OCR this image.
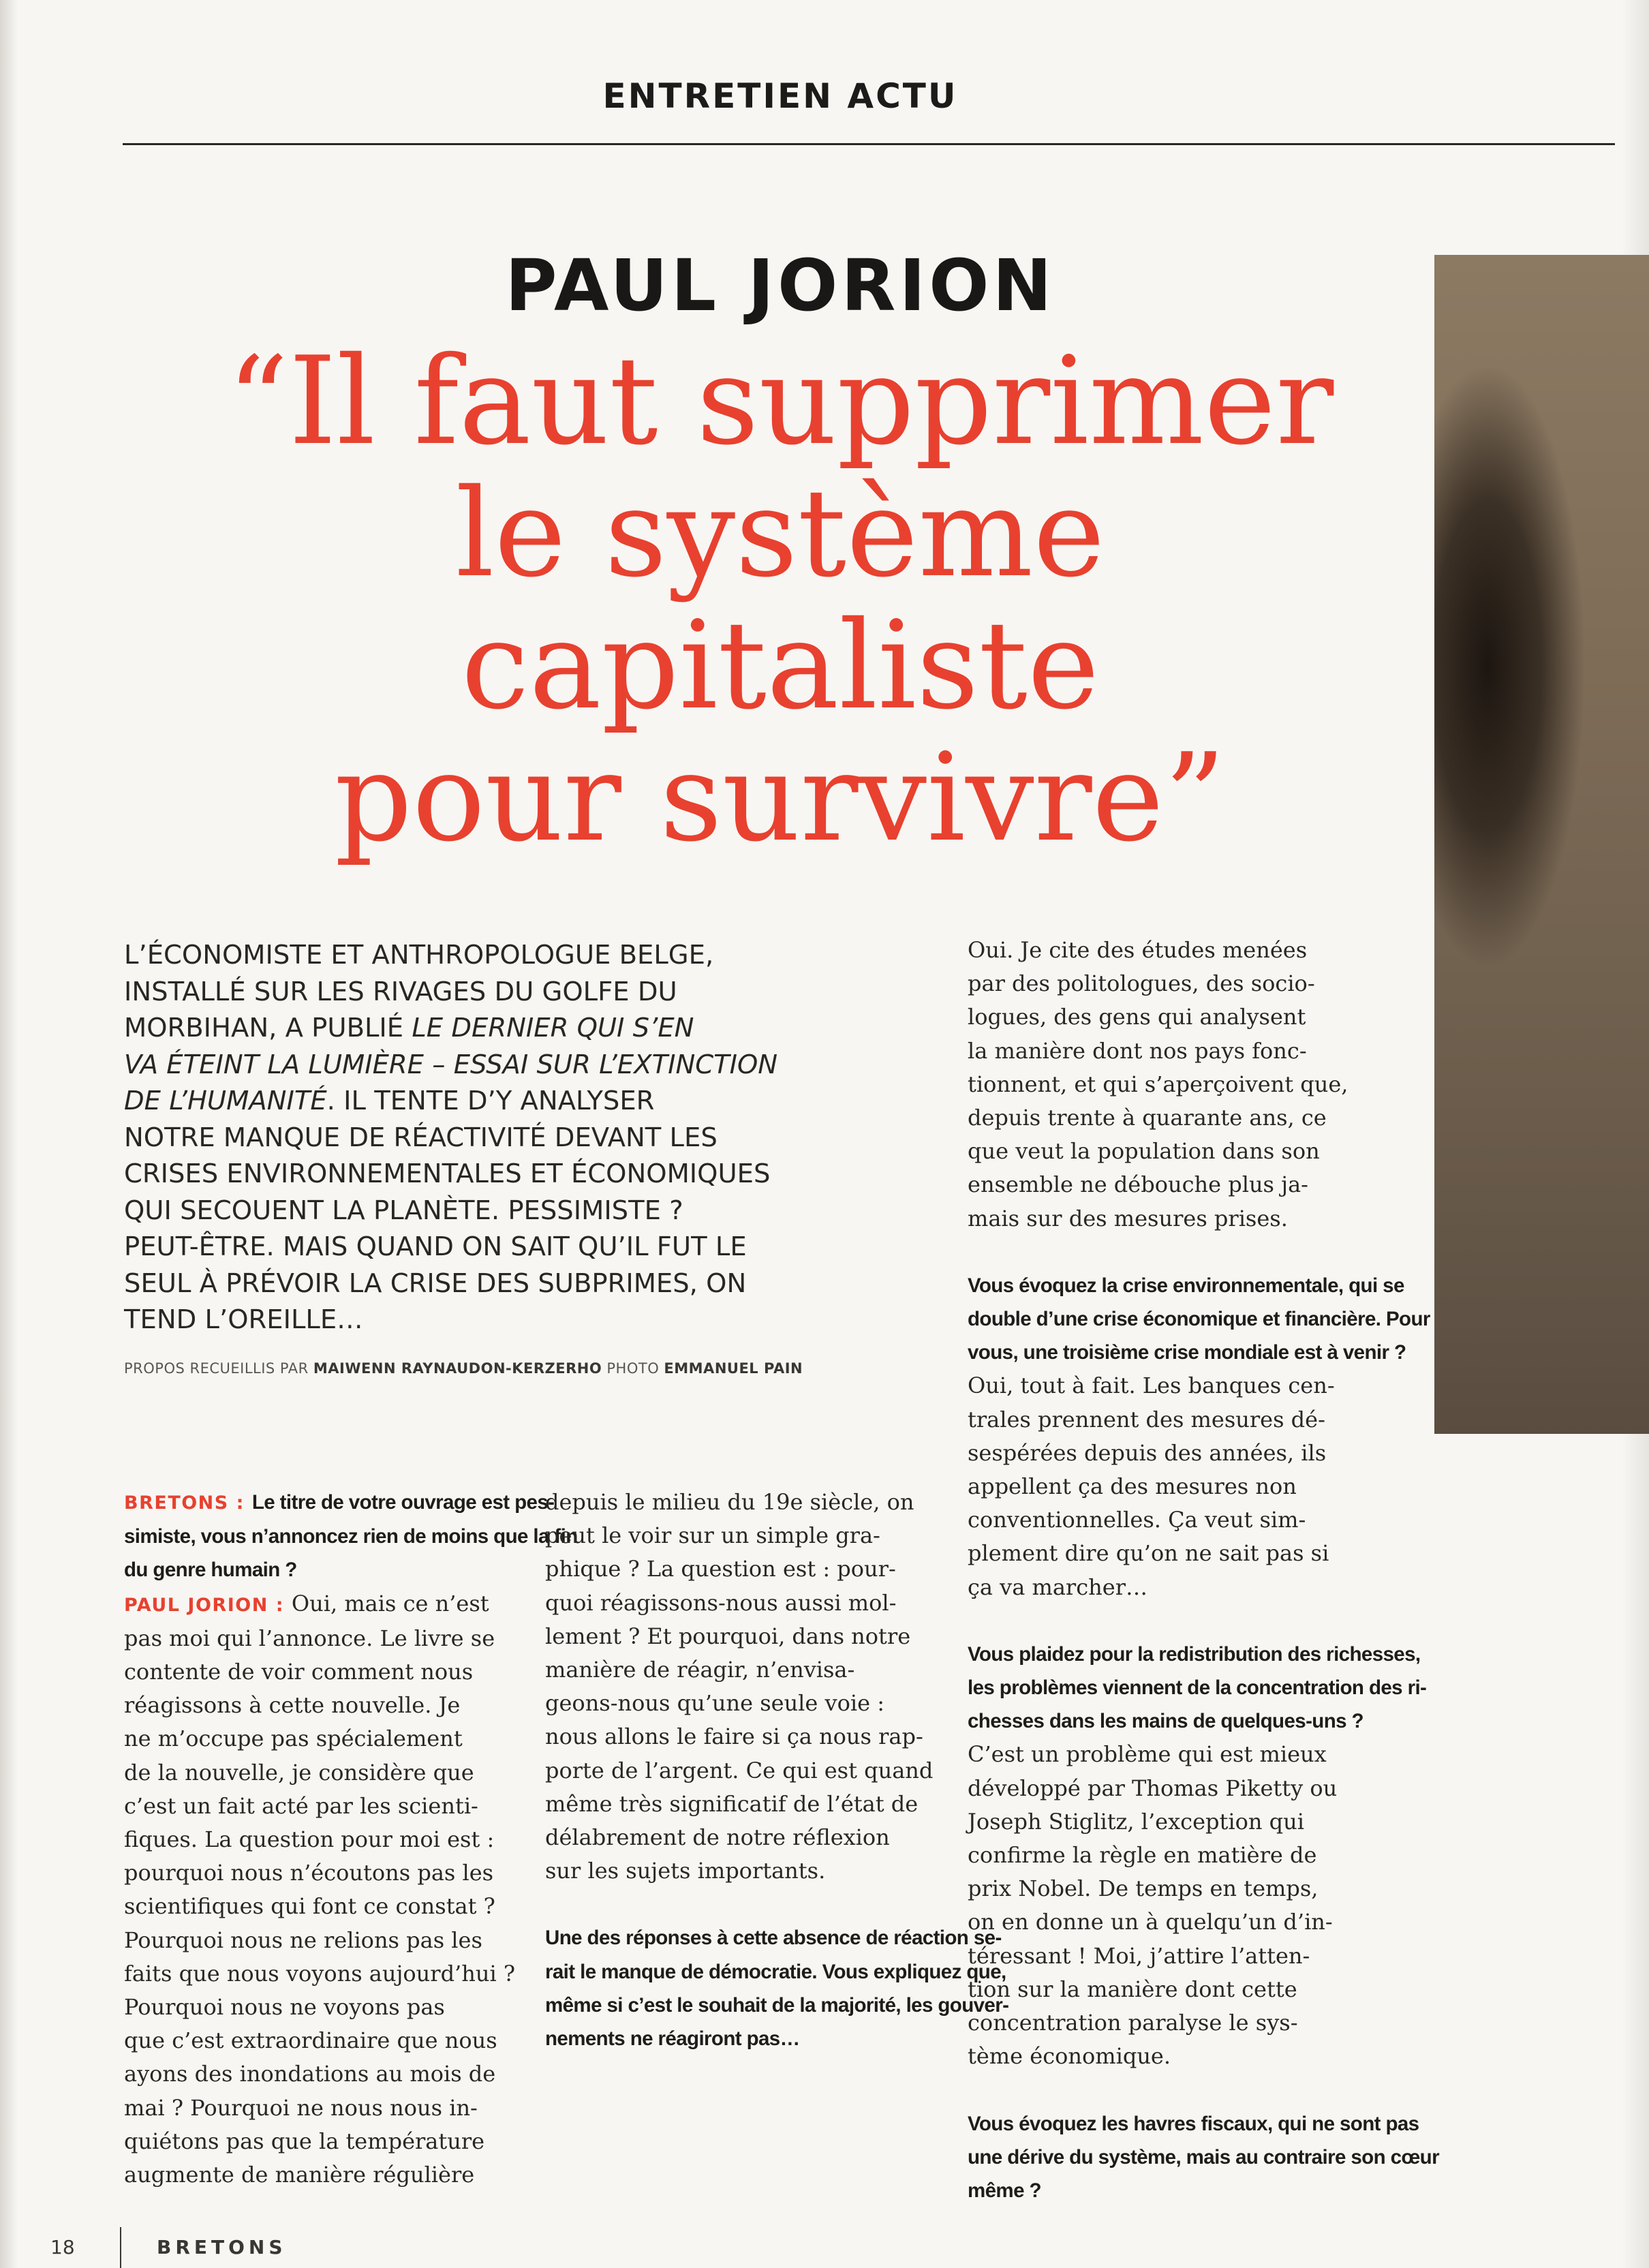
ENTRETIEN ACTU
PAUL JORION
“Il faut supprimer
le système
capitaliste
pour survivre”
L’ÉCONOMISTE ET ANTHROPOLOGUE BELGE,
INSTALLÉ SUR LES RIVAGES DU GOLFE DU
MORBIHAN, A PUBLIÉ LE DERNIER QUI S’EN
VA ÉTEINT LA LUMIÈRE – ESSAI SUR L’EXTINCTION
DE L’HUMANITÉ. IL TENTE D’Y ANALYSER
NOTRE MANQUE DE RÉACTIVITÉ DEVANT LES
CRISES ENVIRONNEMENTALES ET ÉCONOMIQUES
QUI SECOUENT LA PLANÈTE. PESSIMISTE ?
PEUT-ÊTRE. MAIS QUAND ON SAIT QU’IL FUT LE
SEUL À PRÉVOIR LA CRISE DES SUBPRIMES, ON
TEND L’OREILLE…
PROPOS RECUEILLIS PAR MAIWENN RAYNAUDON-KERZERHO PHOTO EMMANUEL PAIN
BRETONS : Le titre de votre ouvrage est pes-
simiste, vous n’annoncez rien de moins que la fin
du genre humain ?
PAUL JORION : Oui, mais ce n’est
pas moi qui l’annonce. Le livre se
contente de voir comment nous
réagissons à cette nouvelle. Je
ne m’occupe pas spécialement
de la nouvelle, je considère que
c’est un fait acté par les scienti-
fiques. La question pour moi est :
pourquoi nous n’écoutons pas les
scientifiques qui font ce constat ?
Pourquoi nous ne relions pas les
faits que nous voyons aujourd’hui ?
Pourquoi nous ne voyons pas
que c’est extraordinaire que nous
ayons des inondations au mois de
mai ? Pourquoi ne nous nous in-
quiétons pas que la température
augmente de manière régulière
depuis le milieu du 19e siècle, on
peut le voir sur un simple gra-
phique ? La question est : pour-
quoi réagissons-nous aussi mol-
lement ? Et pourquoi, dans notre
manière de réagir, n’envisa-
geons-nous qu’une seule voie :
nous allons le faire si ça nous rap-
porte de l’argent. Ce qui est quand
même très significatif de l’état de
délabrement de notre réflexion
sur les sujets importants.
Une des réponses à cette absence de réaction se-
rait le manque de démocratie. Vous expliquez que,
même si c’est le souhait de la majorité, les gouver-
nements ne réagiront pas…
Oui. Je cite des études menées
par des politologues, des socio-
logues, des gens qui analysent
la manière dont nos pays fonc-
tionnent, et qui s’aperçoivent que,
depuis trente à quarante ans, ce
que veut la population dans son
ensemble ne débouche plus ja-
mais sur des mesures prises.
Vous évoquez la crise environnementale, qui se
double d’une crise économique et financière. Pour
vous, une troisième crise mondiale est à venir ?
Oui, tout à fait. Les banques cen-
trales prennent des mesures dé-
sespérées depuis des années, ils
appellent ça des mesures non
conventionnelles. Ça veut sim-
plement dire qu’on ne sait pas si
ça va marcher…
Vous plaidez pour la redistribution des richesses,
les problèmes viennent de la concentration des ri-
chesses dans les mains de quelques-uns ?
C’est un problème qui est mieux
développé par Thomas Piketty ou
Joseph Stiglitz, l’exception qui
confirme la règle en matière de
prix Nobel. De temps en temps,
on en donne un à quelqu’un d’in-
téressant ! Moi, j’attire l’atten-
tion sur la manière dont cette
concentration paralyse le sys-
tème économique.
Vous évoquez les havres fiscaux, qui ne sont pas
une dérive du système, mais au contraire son cœur
même ?
18	BRETONS
